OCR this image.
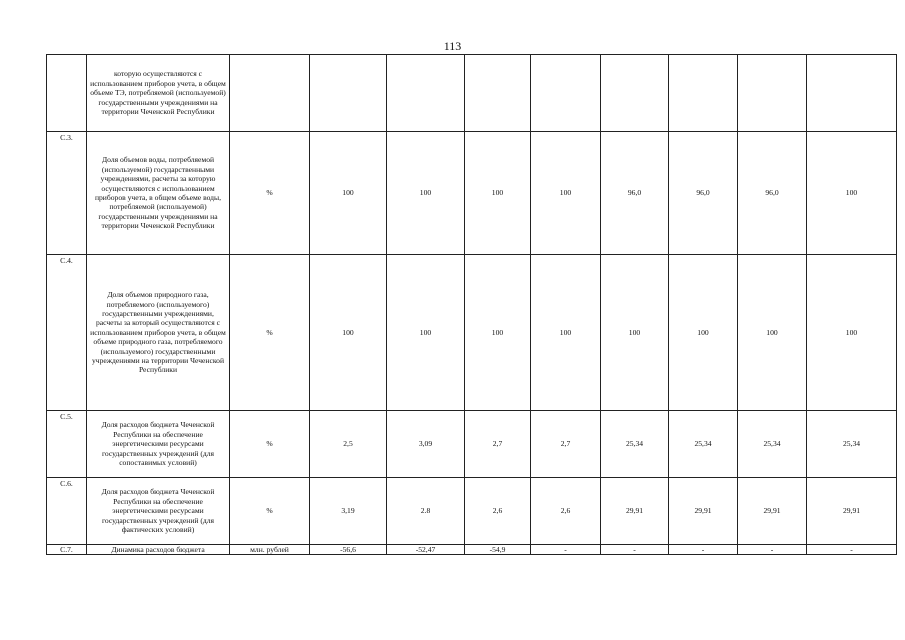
113
	которую осуществляются с использованием приборов учета, в общем объеме ТЭ, потребляемой (используемой) государственными учреждениями на территории Чеченской Республики									
С.3.	Доля объемов воды, потребляемой (используемой) государственными учреждениями, расчеты за которую осуществляются с использованием приборов учета, в общем объеме воды, потребляемой (используемой) государственными учреждениями на территории Чеченской Республики	%	100	100	100	100	96,0	96,0	96,0	100
С.4.	Доля объемов природного газа, потребляемого (используемого) государственными учреждениями, расчеты за который осуществляются с использованием приборов учета, в общем объеме природного газа, потребляемого (используемого) государственными учреждениями на территории Чеченской Республики	%	100	100	100	100	100	100	100	100
С.5.	Доля расходов бюджета Чеченской Республики на обеспечение энергетическими ресурсами государственных учреждений (для сопоставимых условий)	%	2,5	3,09	2,7	2,7	25,34	25,34	25,34	25,34
С.6.	Доля расходов бюджета Чеченской Республики на обеспечение энергетическими ресурсами государственных учреждений (для фактических условий)	%	3,19	2.8	2,6	2,6	29,91	29,91	29,91	29,91
С.7.	Динамика расходов бюджета	млн. рублей	-56,6	-52,47	-54,9	-	-	-	-	-
